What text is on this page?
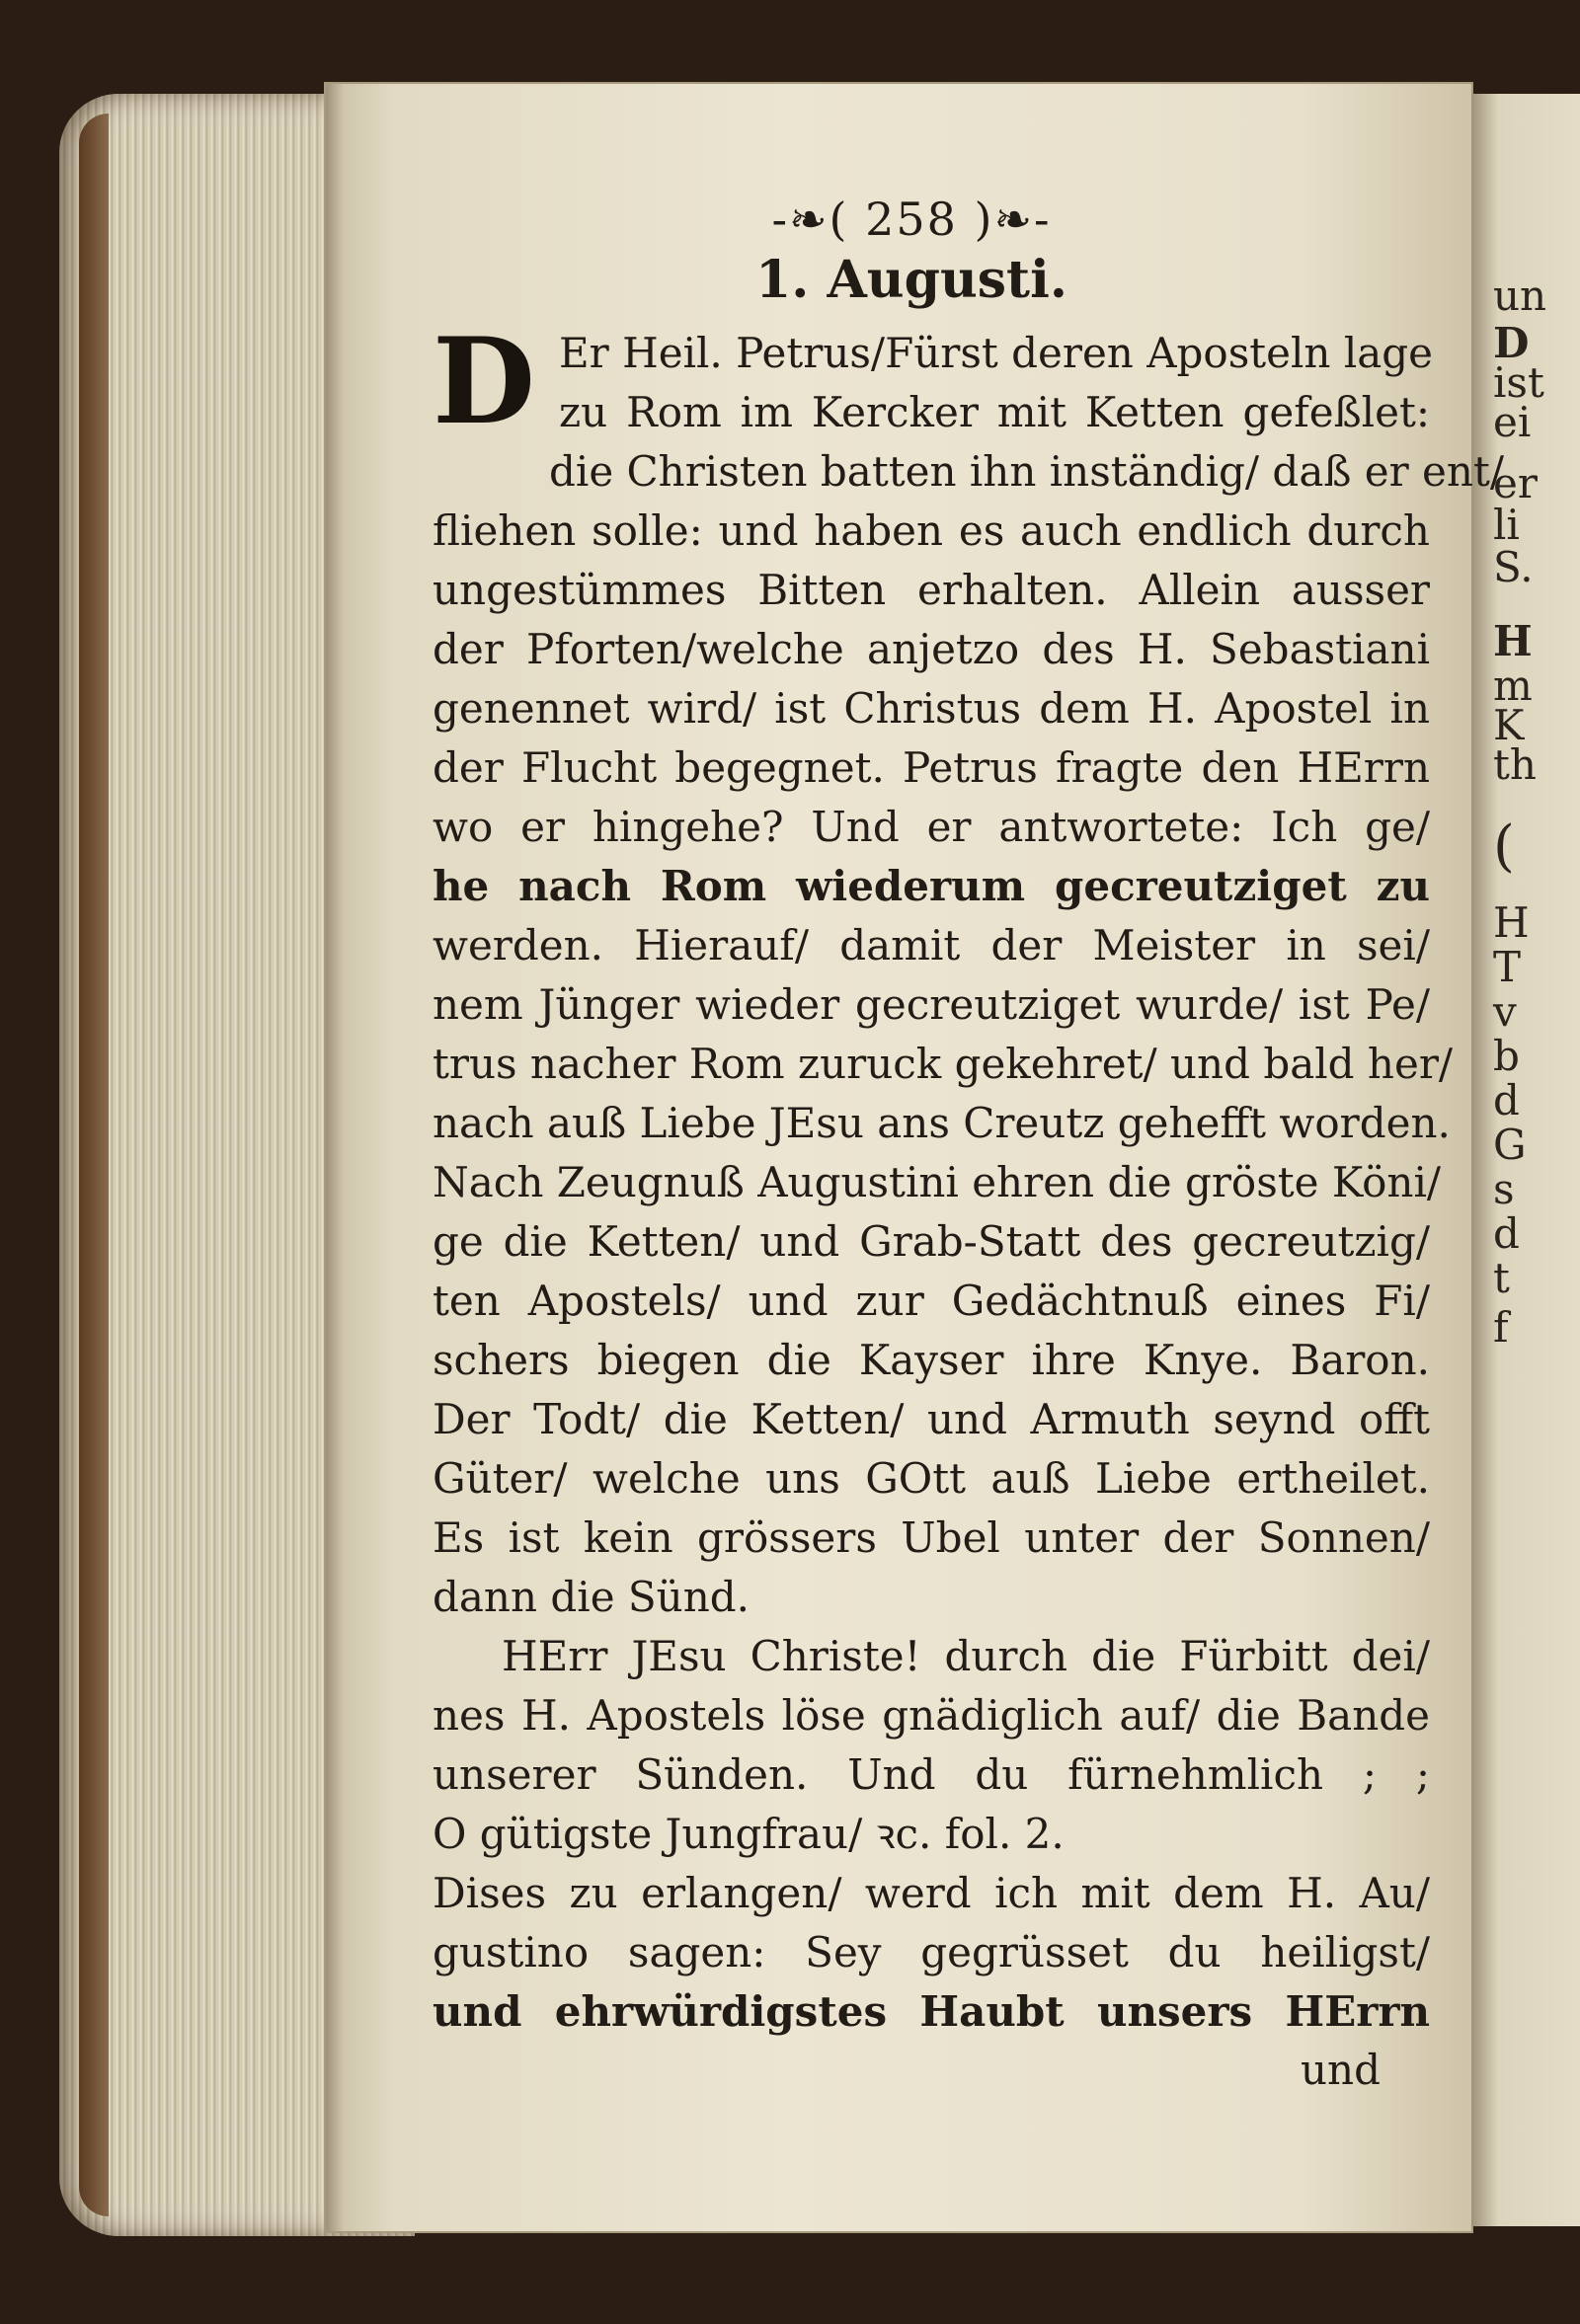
un
D
ist
ei
er
li
S.
H
m
K
th
(
H
T
v
b
d
G
s
d
t
f
-❧( 258 )❧-
1. Augusti.
D Er Heil. Petrus/Fürst deren Aposteln lage
zu Rom im Kercker mit Ketten gefeßlet:
die Christen batten ihn inständig/ daß er ent/
fliehen solle: und haben es auch endlich durch
ungestümmes Bitten erhalten. Allein ausser
der Pforten/welche anjetzo des H. Sebastiani
genennet wird/ ist Christus dem H. Apostel in
der Flucht begegnet. Petrus fragte den HErrn
wo er hingehe? Und er antwortete: Ich ge/
he nach Rom wiederum gecreutziget zu
werden. Hierauf/ damit der Meister in sei/
nem Jünger wieder gecreutziget wurde/ ist Pe/
trus nacher Rom zuruck gekehret/ und bald her/
nach auß Liebe JEsu ans Creutz gehefft worden.
Nach Zeugnuß Augustini ehren die gröste Köni/
ge die Ketten/ und Grab-Statt des gecreutzig/
ten Apostels/ und zur Gedächtnuß eines Fi/
schers biegen die Kayser ihre Knye. Baron.
Der Todt/ die Ketten/ und Armuth seynd offt
Güter/ welche uns GOtt auß Liebe ertheilet.
Es ist kein grössers Ubel unter der Sonnen/
dann die Sünd.
HErr JEsu Christe! durch die Fürbitt dei/
nes H. Apostels löse gnädiglich auf/ die Bande
unserer Sünden. Und du fürnehmlich ; ;
O gütigste Jungfrau/ ꝛc. fol. 2.
Dises zu erlangen/ werd ich mit dem H. Au/
gustino sagen: Sey gegrüsset du heiligst/
und ehrwürdigstes Haubt unsers HErrn
und
